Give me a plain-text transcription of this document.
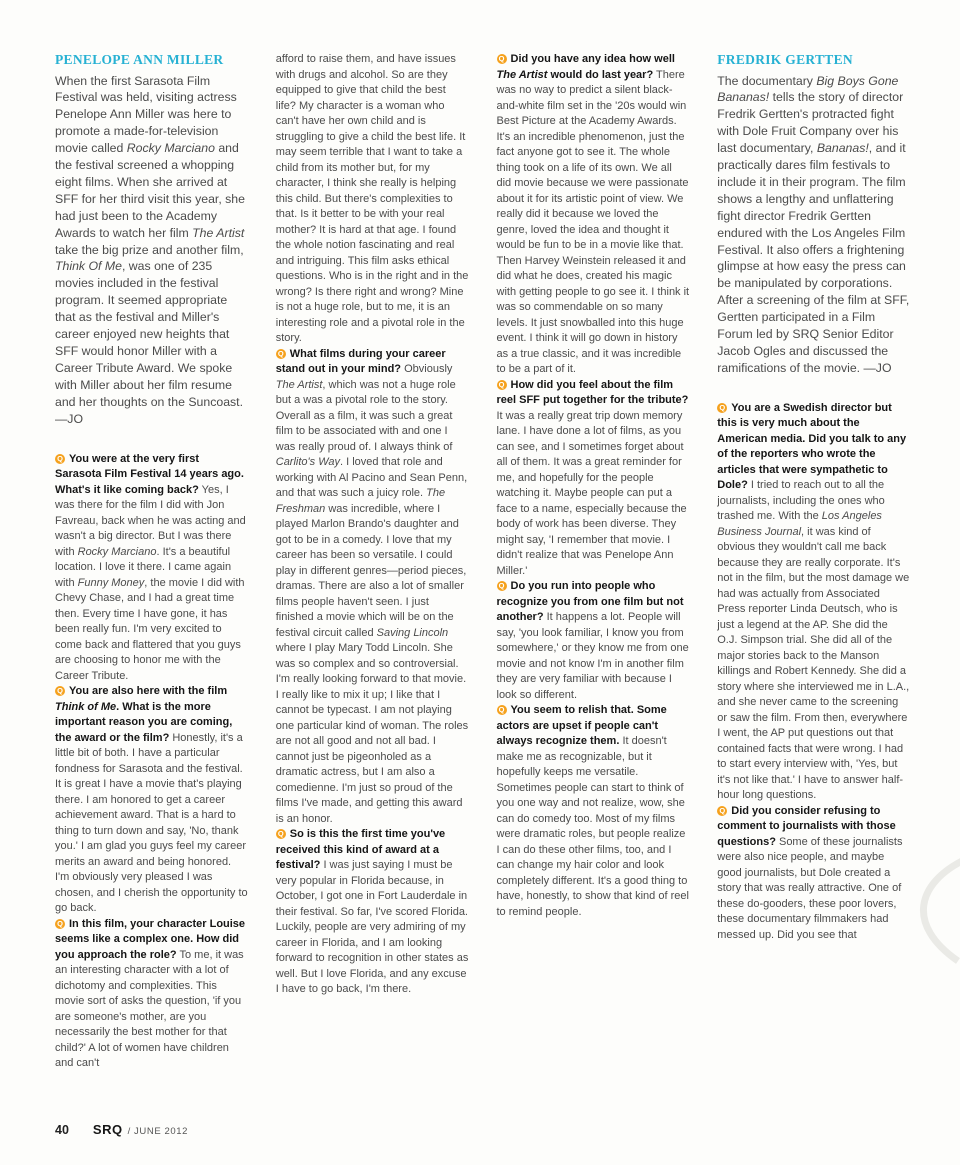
PENELOPE ANN MILLER

When the first Sarasota Film Festival was held, visiting actress Penelope Ann Miller was here to promote a made-for-television movie called Rocky Marciano and the festival screened a whopping eight films. When she arrived at SFF for her third visit this year, she had just been to the Academy Awards to watch her film The Artist take the big prize and another film, Think Of Me, was one of 235 movies included in the festival program. It seemed appropriate that as the festival and Miller's career enjoyed new heights that SFF would honor Miller with a Career Tribute Award. We spoke with Miller about her film resume and her thoughts on the Suncoast. —JO

Q You were at the very first Sarasota Film Festival 14 years ago. What's it like coming back? Yes, I was there for the film I did with Jon Favreau, back when he was acting and wasn't a big director. But I was there with Rocky Marciano. It's a beautiful location. I love it there. I came again with Funny Money, the movie I did with Chevy Chase, and I had a great time then. Every time I have gone, it has been really fun. I'm very excited to come back and flattered that you guys are choosing to honor me with the Career Tribute.

Q You are also here with the film Think of Me. What is the more important reason you are coming, the award or the film? Honestly, it's a little bit of both. I have a particular fondness for Sarasota and the festival. It is great I have a movie that's playing there. I am honored to get a career achievement award. That is a hard to thing to turn down and say, 'No, thank you.' I am glad you guys feel my career merits an award and being honored. I'm obviously very pleased I was chosen, and I cherish the opportunity to go back.

Q In this film, your character Louise seems like a complex one. How did you approach the role? To me, it was an interesting character with a lot of dichotomy and complexities. This movie sort of asks the question, 'if you are someone's mother, are you necessarily the best mother for that child?' A lot of women have children and can't

afford to raise them, and have issues with drugs and alcohol. So are they equipped to give that child the best life? My character is a woman who can't have her own child and is struggling to give a child the best life. It may seem terrible that I want to take a child from its mother but, for my character, I think she really is helping this child. But there's complexities to that. Is it better to be with your real mother? It is hard at that age. I found the whole notion fascinating and real and intriguing. This film asks ethical questions. Who is in the right and in the wrong? Is there right and wrong? Mine is not a huge role, but to me, it is an interesting role and a pivotal role in the story.

Q What films during your career stand out in your mind? Obviously The Artist, which was not a huge role but a was a pivotal role to the story. Overall as a film, it was such a great film to be associated with and one I was really proud of. I always think of Carlito's Way. I loved that role and working with Al Pacino and Sean Penn, and that was such a juicy role. The Freshman was incredible, where I played Marlon Brando's daughter and got to be in a comedy. I love that my career has been so versatile. I could play in different genres—period pieces, dramas. There are also a lot of smaller films people haven't seen. I just finished a movie which will be on the festival circuit called Saving Lincoln where I play Mary Todd Lincoln. She was so complex and so controversial. I'm really looking forward to that movie. I really like to mix it up; I like that I cannot be typecast. I am not playing one particular kind of woman. The roles are not all good and not all bad. I cannot just be pigeonholed as a dramatic actress, but I am also a comedienne. I'm just so proud of the films I've made, and getting this award is an honor.

Q So is this the first time you've received this kind of award at a festival? I was just saying I must be very popular in Florida because, in October, I got one in Fort Lauderdale in their festival. So far, I've scored Florida. Luckily, people are very admiring of my career in Florida, and I am looking forward to recognition in other states as well. But I love Florida, and any excuse I have to go back, I'm there.

Q Did you have any idea how well The Artist would do last year? There was no way to predict a silent black-and-white film set in the '20s would win Best Picture at the Academy Awards. It's an incredible phenomenon, just the fact anyone got to see it. The whole thing took on a life of its own. We all did movie because we were passionate about it for its artistic point of view. We really did it because we loved the genre, loved the idea and thought it would be fun to be in a movie like that. Then Harvey Weinstein released it and did what he does, created his magic with getting people to go see it. I think it was so commendable on so many levels. It just snowballed into this huge event. I think it will go down in history as a true classic, and it was incredible to be a part of it.

Q How did you feel about the film reel SFF put together for the tribute? It was a really great trip down memory lane. I have done a lot of films, as you can see, and I sometimes forget about all of them. It was a great reminder for me, and hopefully for the people watching it. Maybe people can put a face to a name, especially because the body of work has been diverse. They might say, 'I remember that movie. I didn't realize that was Penelope Ann Miller.'

Q Do you run into people who recognize you from one film but not another? It happens a lot. People will say, 'you look familiar, I know you from somewhere,' or they know me from one movie and not know I'm in another film they are very familiar with because I look so different.

Q You seem to relish that. Some actors are upset if people can't always recognize them. It doesn't make me as recognizable, but it hopefully keeps me versatile. Sometimes people can start to think of you one way and not realize, wow, she can do comedy too. Most of my films were dramatic roles, but people realize I can do these other films, too, and I can change my hair color and look completely different. It's a good thing to have, honestly, to show that kind of reel to remind people.

FREDRIK GERTTEN

The documentary Big Boys Gone Bananas! tells the story of director Fredrik Gertten's protracted fight with Dole Fruit Company over his last documentary, Bananas!, and it practically dares film festivals to include it in their program. The film shows a lengthy and unflattering fight director Fredrik Gertten endured with the Los Angeles Film Festival. It also offers a frightening glimpse at how easy the press can be manipulated by corporations. After a screening of the film at SFF, Gertten participated in a Film Forum led by SRQ Senior Editor Jacob Ogles and discussed the ramifications of the movie. —JO

Q You are a Swedish director but this is very much about the American media. Did you talk to any of the reporters who wrote the articles that were sympathetic to Dole? I tried to reach out to all the journalists, including the ones who trashed me. With the Los Angeles Business Journal, it was kind of obvious they wouldn't call me back because they are really corporate. It's not in the film, but the most damage we had was actually from Associated Press reporter Linda Deutsch, who is just a legend at the AP. She did the O.J. Simpson trial. She did all of the major stories back to the Manson killings and Robert Kennedy. She did a story where she interviewed me in L.A., and she never came to the screening or saw the film. From then, everywhere I went, the AP put questions out that contained facts that were wrong. I had to start every interview with, 'Yes, but it's not like that.' I have to answer half-hour long questions.

Q Did you consider refusing to comment to journalists with those questions? Some of these journalists were also nice people, and maybe good journalists, but Dole created a story that was really attractive. One of these do-gooders, these poor lovers, these documentary filmmakers had messed up. Did you see that

40 SRQ / JUNE 2012
